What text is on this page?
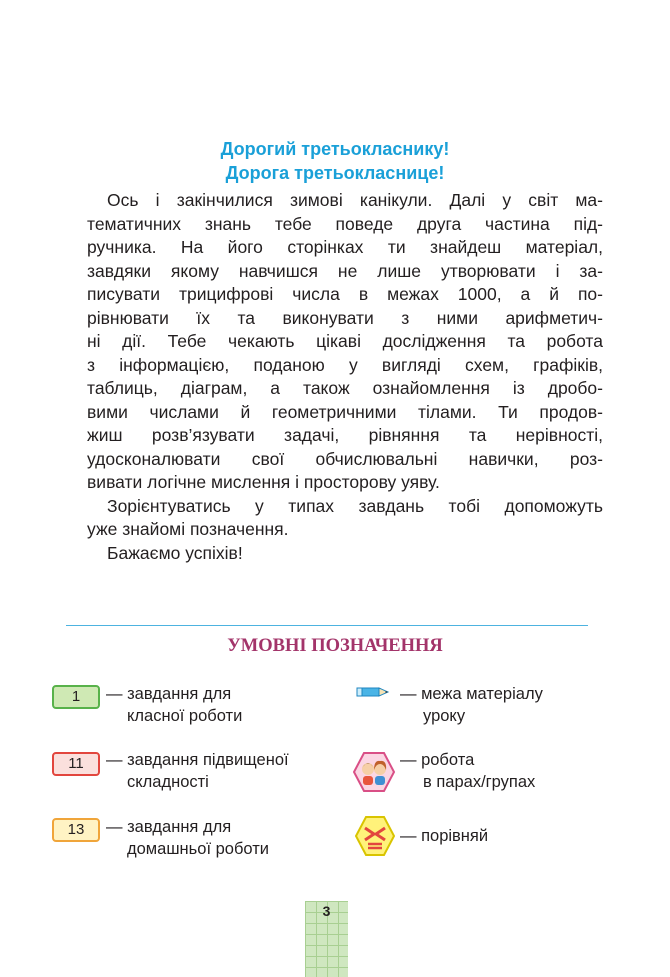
Дорогий третьокласнику!
Дорога третьокласнице!
Ось і закінчилися зимові канікули. Далі у світ ма-
тематичних знань тебе поведе друга частина під-
ручника. На його сторінках ти знайдеш матеріал,
завдяки якому навчишся не лише утворювати і за-
писувати трицифрові числа в межах 1000, а й по-
рівнювати їх та виконувати з ними арифметич-
ні дії. Тебе чекають цікаві дослідження та робота
з інформацією, поданою у вигляді схем, графіків,
таблиць, діаграм, а також ознайомлення із дробо-
вими числами й геометричними тілами. Ти продов-
жиш розв’язувати задачі, рівняння та нерівності,
удосконалювати свої обчислювальні навички, роз-
вивати логічне мислення і просторову уяву.
Зорієнтуватись у типах завдань тобі допоможуть
уже знайомі позначення.
Бажаємо успіхів!
УМОВНІ ПОЗНАЧЕННЯ
1	— завдання для
класної роботи
11	— завдання підвищеної
складності
13	— завдання для
домашньої роботи
— межа матеріалу
уроку
— робота
в парах/групах
— порівняй
3
